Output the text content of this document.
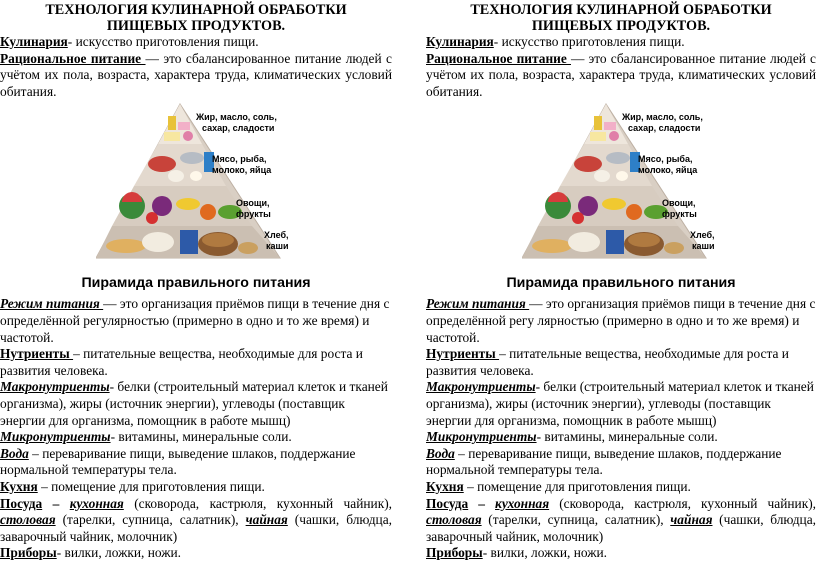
ТЕХНОЛОГИЯ КУЛИНАРНОЙ ОБРАБОТКИ
ПИЩЕВЫХ ПРОДУКТОВ.

Кулинария- искусство приготовления пищи.

Рациональное питание — это сбалансированное питание людей с учётом их пола, возраста, характера труда, климатических условий обитания.

Жир, масло, соль,
сахар, сладости
Мясо, рыба,
молоко, яйца
Овощи,
фрукты
Хлеб,
каши
Пирамида правильного питания

Режим питания — это организация приёмов пищи в течение дня с определённой регулярностью (примерно в одно и то же время) и частотой.

Нутриенты – питательные вещества, необходимые для роста и развития человека.

Макронутриенты- белки (строительный материал клеток и тканей организма), жиры (источник энергии), углеводы (поставщик энергии для организма, помощник в работе мышц)

Микронутриенты- витамины, минеральные соли.

Вода – переваривание пищи, выведение шлаков, поддержание нормальной температуры тела.

Кухня – помещение для приготовления пищи.

Посуда – кухонная (сковорода, кастрюля, кухонный чайник), столовая (тарелки, супница, салатник), чайная (чашки, блюдца, заварочный чайник, молочник)

Приборы- вилки, ложки, ножи.

ТЕХНОЛОГИЯ КУЛИНАРНОЙ ОБРАБОТКИ
ПИЩЕВЫХ ПРОДУКТОВ.

Кулинария- искусство приготовления пищи.

Рациональное питание — это сбалансированное питание людей с учётом их пола, возраста, характера труда, климатических условий обитания.

Жир, масло, соль,
сахар, сладости
Мясо, рыба,
молоко, яйца
Овощи,
фрукты
Хлеб,
каши
Пирамида правильного питания

Режим питания — это организация приёмов пищи в течение дня с определённой регу лярностью (примерно в одно и то же время) и частотой.

Нутриенты – питательные вещества, необходимые для роста и развития человека.

Макронутриенты- белки (строительный материал клеток и тканей организма), жиры (источник энергии), углеводы (поставщик энергии для организма, помощник в работе мышц)

Микронутриенты- витамины, минеральные соли.

Вода – переваривание пищи, выведение шлаков, поддержание нормальной температуры тела.

Кухня – помещение для приготовления пищи.

Посуда – кухонная (сковорода, кастрюля, кухонный чайник), столовая (тарелки, супница, салатник), чайная (чашки, блюдца, заварочный чайник, молочник)

Приборы- вилки, ложки, ножи.
